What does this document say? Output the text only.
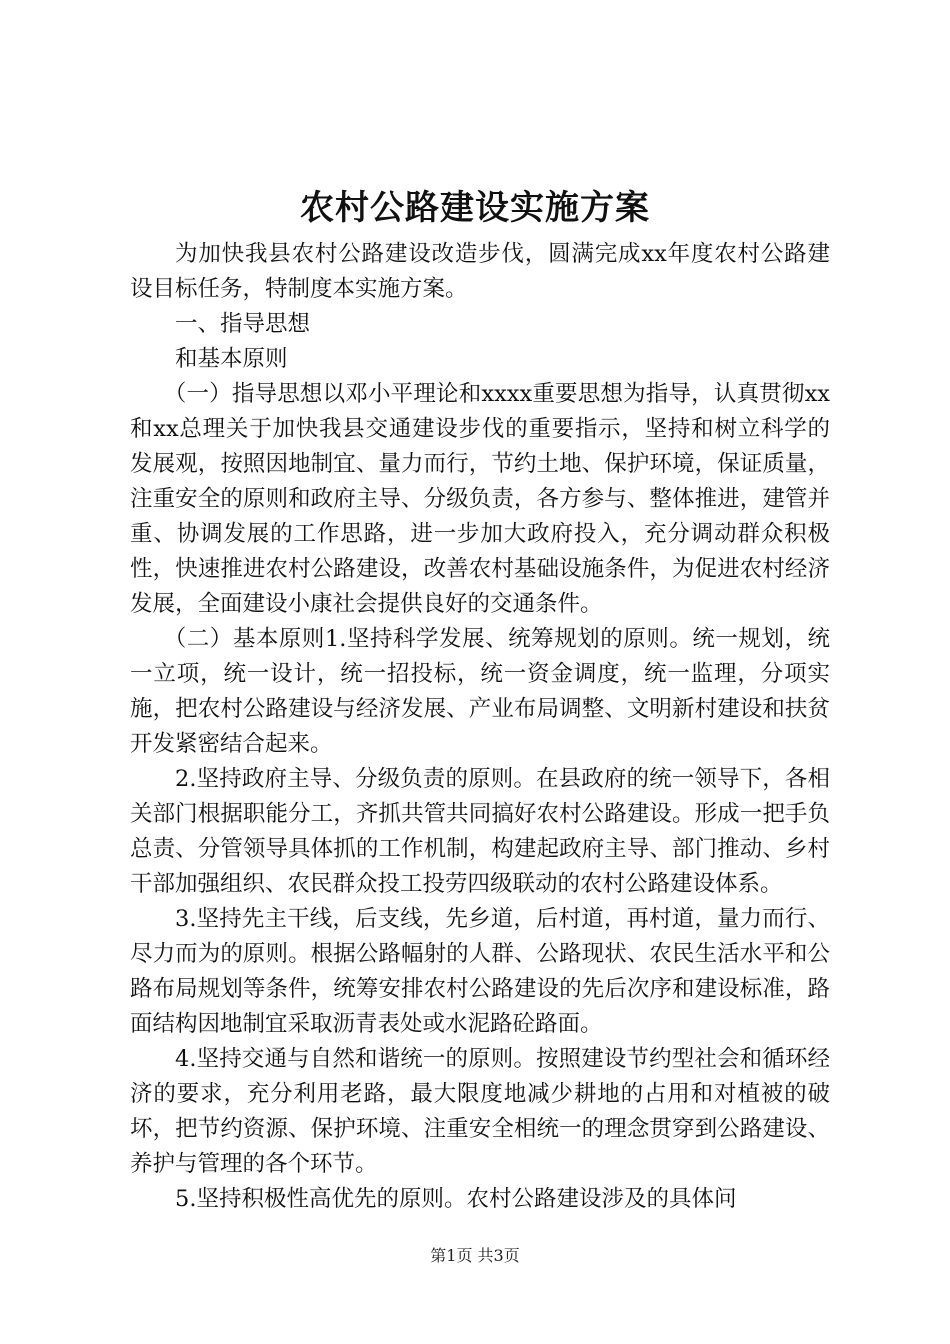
农村公路建设实施方案

为加快我县农村公路建设改造步伐，圆满完成xx年度农村公路建设目标任务，特制度本实施方案。

一、指导思想

和基本原则

（一）指导思想以邓小平理论和xxxx重要思想为指导，认真贯彻xx和xx总理关于加快我县交通建设步伐的重要指示，坚持和树立科学的发展观，按照因地制宜、量力而行，节约土地、保护环境，保证质量，注重安全的原则和政府主导、分级负责，各方参与、整体推进，建管并重、协调发展的工作思路，进一步加大政府投入，充分调动群众积极性，快速推进农村公路建设，改善农村基础设施条件，为促进农村经济发展，全面建设小康社会提供良好的交通条件。

（二）基本原则1.坚持科学发展、统筹规划的原则。统一规划，统一立项，统一设计，统一招投标，统一资金调度，统一监理，分项实施，把农村公路建设与经济发展、产业布局调整、文明新村建设和扶贫开发紧密结合起来。

2.坚持政府主导、分级负责的原则。在县政府的统一领导下，各相关部门根据职能分工，齐抓共管共同搞好农村公路建设。形成一把手负总责、分管领导具体抓的工作机制，构建起政府主导、部门推动、乡村干部加强组织、农民群众投工投劳四级联动的农村公路建设体系。

3.坚持先主干线，后支线，先乡道，后村道，再村道，量力而行、尽力而为的原则。根据公路幅射的人群、公路现状、农民生活水平和公路布局规划等条件，统筹安排农村公路建设的先后次序和建设标准，路面结构因地制宜采取沥青表处或水泥路砼路面。

4.坚持交通与自然和谐统一的原则。按照建设节约型社会和循环经济的要求，充分利用老路，最大限度地减少耕地的占用和对植被的破坏，把节约资源、保护环境、注重安全相统一的理念贯穿到公路建设、养护与管理的各个环节。

5.坚持积极性高优先的原则。农村公路建设涉及的具体问

第1页 共3页
